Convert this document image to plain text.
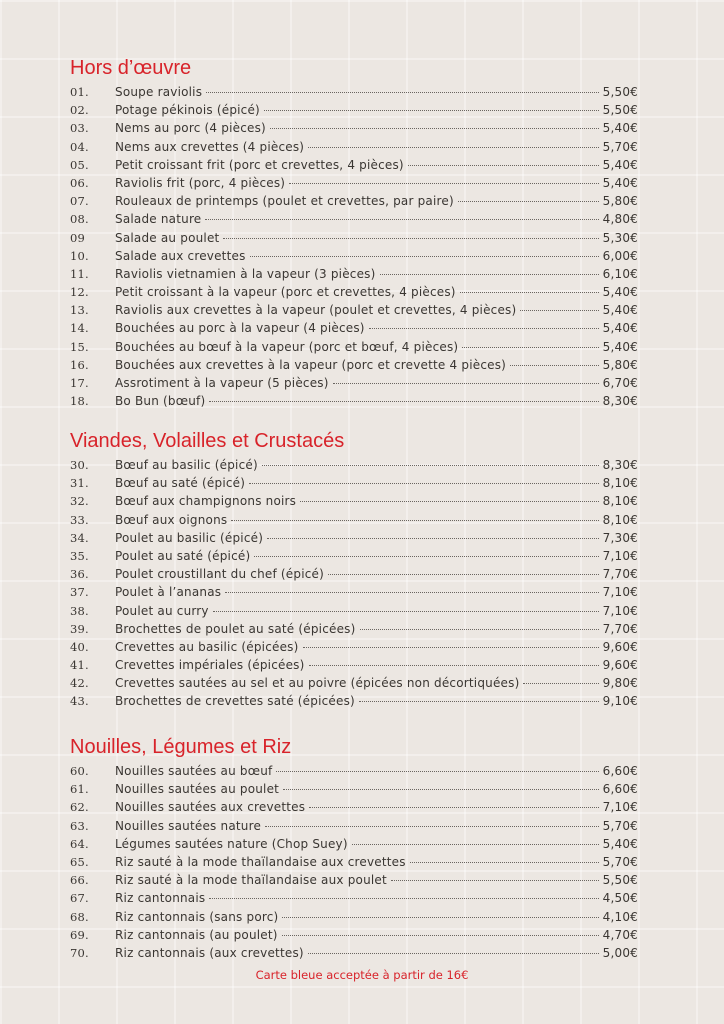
Hors d’œuvre
01.	Soupe raviolis	5,50€
02.	Potage pékinois (épicé)	5,50€
03.	Nems au porc (4 pièces)	5,40€
04.	Nems aux crevettes (4 pièces)	5,70€
05.	Petit croissant frit (porc et crevettes, 4 pièces)	5,40€
06.	Raviolis frit (porc, 4 pièces)	5,40€
07.	Rouleaux de printemps (poulet et crevettes, par paire)	5,80€
08.	Salade nature	4,80€
09	Salade au poulet	5,30€
10.	Salade aux crevettes	6,00€
11.	Raviolis vietnamien à la vapeur (3 pièces)	6,10€
12.	Petit croissant à la vapeur (porc et crevettes, 4 pièces)	5,40€
13.	Raviolis aux crevettes à la vapeur (poulet et crevettes, 4 pièces)	5,40€
14.	Bouchées au porc à la vapeur (4 pièces)	5,40€
15.	Bouchées au bœuf à la vapeur (porc et bœuf, 4 pièces)	5,40€
16.	Bouchées aux crevettes à la vapeur (porc et crevette 4 pièces)	5,80€
17.	Assrotiment à la vapeur (5 pièces)	6,70€
18.	Bo Bun (bœuf)	8,30€
Viandes, Volailles et Crustacés
30.	Bœuf au basilic (épicé)	8,30€
31.	Bœuf au saté (épicé)	8,10€
32.	Bœuf aux champignons noirs	8,10€
33.	Bœuf aux oignons	8,10€
34.	Poulet au basilic (épicé)	7,30€
35.	Poulet au saté (épicé)	7,10€
36.	Poulet croustillant du chef (épicé)	7,70€
37.	Poulet à l’ananas	7,10€
38.	Poulet au curry	7,10€
39.	Brochettes de poulet au saté (épicées)	7,70€
40.	Crevettes au basilic (épicées)	9,60€
41.	Crevettes impériales (épicées)	9,60€
42.	Crevettes sautées au sel et au poivre (épicées non décortiquées)	9,80€
43.	Brochettes de crevettes saté (épicées)	9,10€
Nouilles, Légumes et Riz
60.	Nouilles sautées au bœuf	6,60€
61.	Nouilles sautées au poulet	6,60€
62.	Nouilles sautées aux crevettes	7,10€
63.	Nouilles sautées nature	5,70€
64.	Légumes sautées nature (Chop Suey)	5,40€
65.	Riz sauté à la mode thaïlandaise aux crevettes	5,70€
66.	Riz sauté à la mode thaïlandaise aux poulet	5,50€
67.	Riz cantonnais	4,50€
68.	Riz cantonnais (sans porc)	4,10€
69.	Riz cantonnais (au poulet)	4,70€
70.	Riz cantonnais (aux crevettes)	5,00€
Carte bleue acceptée à partir de 16€
